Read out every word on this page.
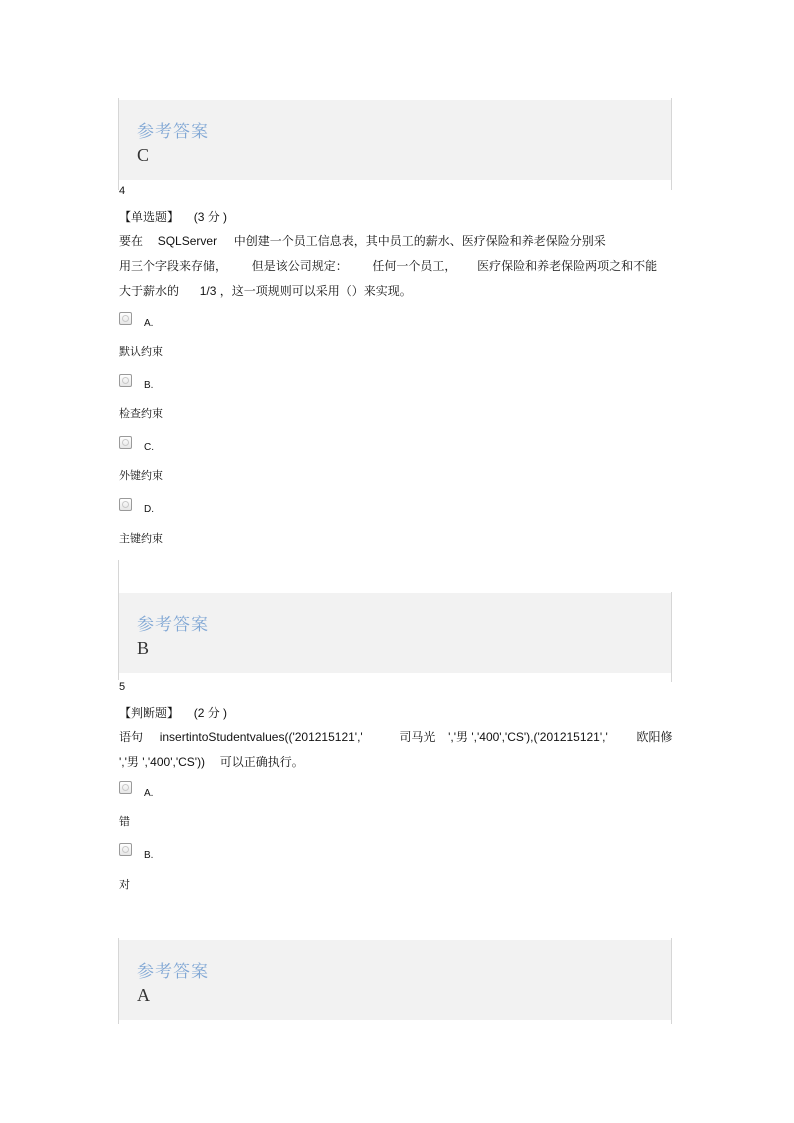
参考答案
C
4
【单选题】 (3 分 )
要在 SQLServer 中创建一个员工信息表，其中员工的薪水、医疗保险和养老保险分别采
用三个字段来存储， 但是该公司规定： 任何一个员工， 医疗保险和养老保险两项之和不能
大于薪水的 1/3 ，这一项规则可以采用（）来实现。
A.
默认约束
B.
检查约束
C.
外键约束
D.
主键约束
参考答案
B
5
【判断题】 (2 分 )
语句 insertintoStudentvalues(('201215121','	司马光 ','男 ','400','CS'),('201215121',' 欧阳修
','男 ','400','CS')) 可以正确执行。
A.
错
B.
对
参考答案
A
